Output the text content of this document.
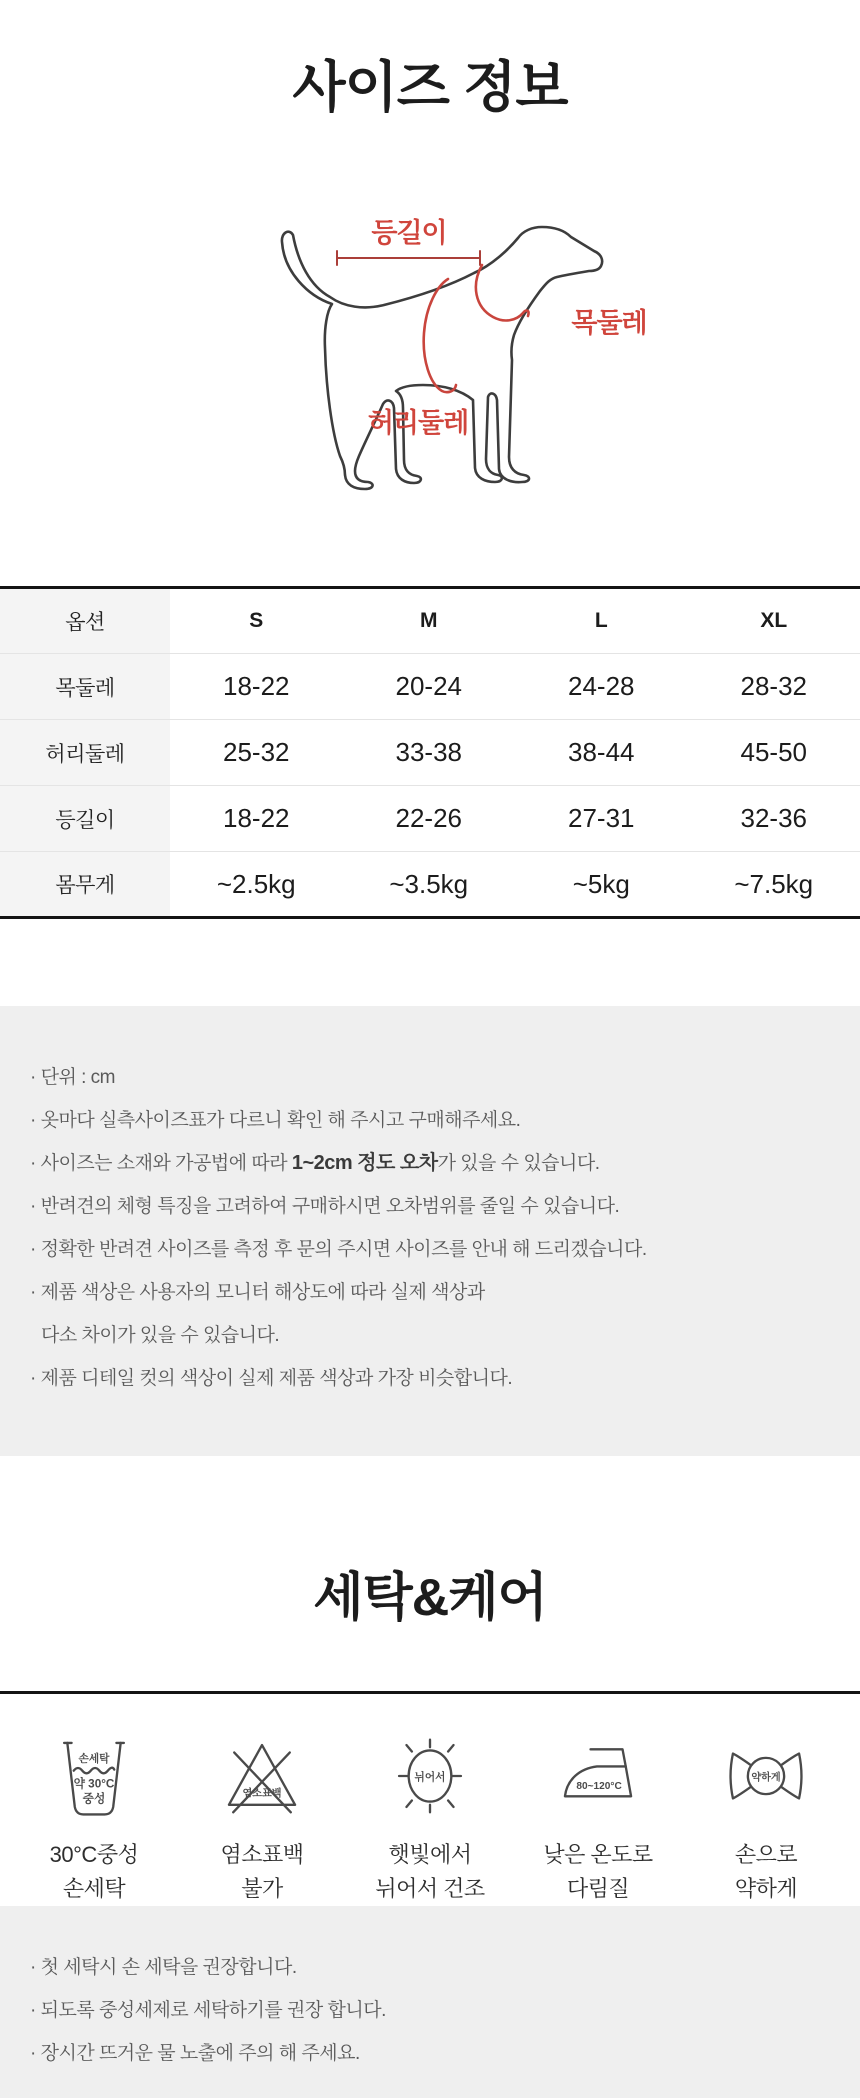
사이즈 정보
등길이
목둘레
허리둘레
옵션	S	M	L	XL
목둘레	18-22	20-24	24-28	28-32
허리둘레	25-32	33-38	38-44	45-50
등길이	18-22	22-26	27-31	32-36
몸무게	~2.5kg	~3.5kg	~5kg	~7.5kg
· 단위 : cm
· 옷마다 실측사이즈표가 다르니 확인 해 주시고 구매해주세요.
· 사이즈는 소재와 가공법에 따라 1~2cm 정도 오차가 있을 수 있습니다.
· 반려견의 체형 특징을 고려하여 구매하시면 오차범위를 줄일 수 있습니다.
· 정확한 반려견 사이즈를 측정 후 문의 주시면 사이즈를 안내 해 드리겠습니다.
· 제품 색상은 사용자의 모니터 해상도에 따라 실제 색상과
다소 차이가 있을 수 있습니다.
· 제품 디테일 컷의 색상이 실제 제품 색상과 가장 비슷합니다.
세탁&케어
손세탁
약 30°C
중성
30°C중성
손세탁
염소표백
염소표백
불가
뉘어서
햇빛에서
뉘어서 건조
80~120°C
낮은 온도로
다림질
약하게
손으로
약하게
· 첫 세탁시 손 세탁을 권장합니다.
· 되도록 중성세제로 세탁하기를 권장 합니다.
· 장시간 뜨거운 물 노출에 주의 해 주세요.
